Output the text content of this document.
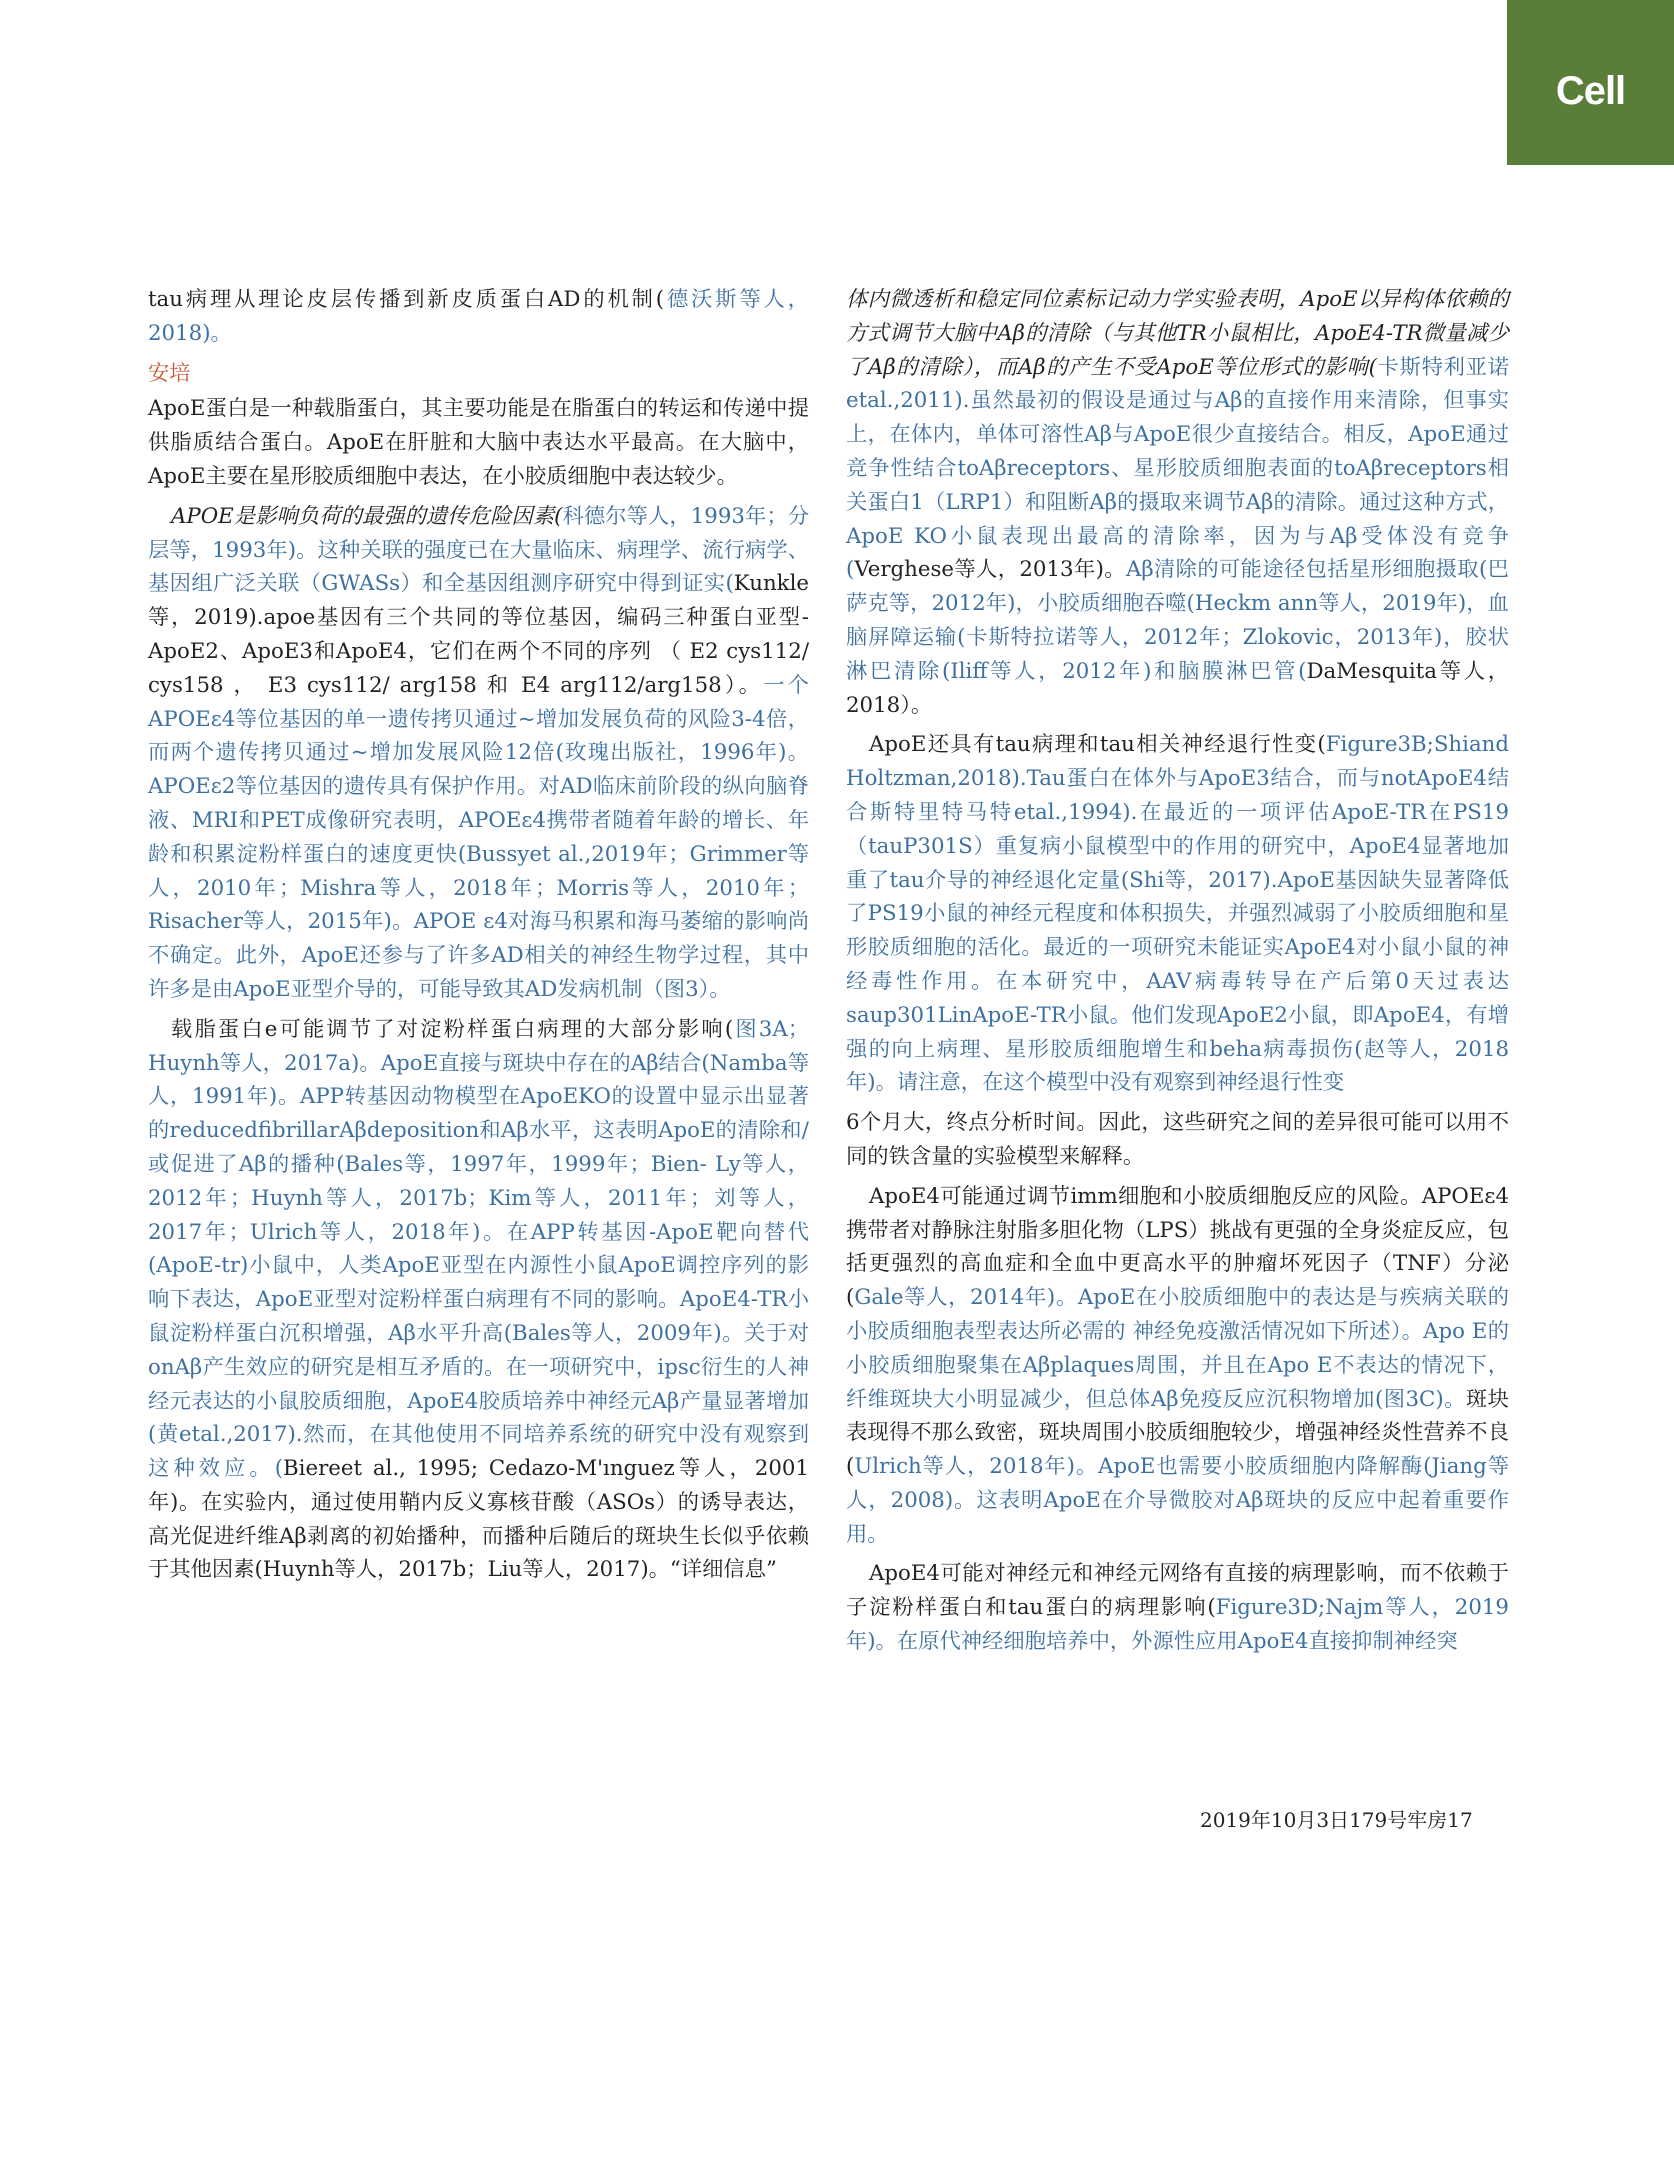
Cell

tau病理从理论皮层传播到新皮质蛋白AD的机制(德沃斯等人，2018)。

安培

ApoE蛋白是一种载脂蛋白，其主要功能是在脂蛋白的转运和传递中提供脂质结合蛋白。ApoE在肝脏和大脑中表达水平最高。在大脑中，ApoE主要在星形胶质细胞中表达，在小胶质细胞中表达较少。

APOE是影响负荷的最强的遗传危险因素(科德尔等人，1993年；分层等，1993年)。这种关联的强度已在大量临床、病理学、流行病学、基因组广泛关联（GWASs）和全基因组测序研究中得到证实(Kunkle等，2019).apoe基因有三个共同的等位基因，编码三种蛋白亚型-ApoE2、ApoE3和ApoE4，它们在两个不同的序列 （ E2 cys112/ cys158 ， E3 cys112/ arg158 和 E4 arg112/arg158）。一个APOEε4等位基因的单一遗传拷贝通过~增加发展负荷的风险3-4倍，而两个遗传拷贝通过~增加发展风险12倍(玫瑰出版社，1996年)。APOEε2等位基因的遗传具有保护作用。对AD临床前阶段的纵向脑脊液、MRI和PET成像研究表明，APOEε4携带者随着年龄的增长、年龄和积累淀粉样蛋白的速度更快(Bussyet al.,2019年；Grimmer等人，2010年；Mishra等人，2018年；Morris等人，2010年； Risacher等人，2015年)。APOE ε4对海马积累和海马萎缩的影响尚不确定。此外，ApoE还参与了许多AD相关的神经生物学过程，其中许多是由ApoE亚型介导的，可能导致其AD发病机制（图3）。

载脂蛋白e可能调节了对淀粉样蛋白病理的大部分影响(图3A；Huynh等人，2017a)。ApoE直接与斑块中存在的Aβ结合(Namba等人，1991年)。APP转基因动物模型在ApoEKO的设置中显示出显著的reducedfibrillarAβdeposition和Aβ水平，这表明ApoE的清除和/或促进了Aβ的播种(Bales等，1997年，1999年；Bien- Ly等人，2012年；Huynh等人，2017b；Kim等人，2011年；刘等人，2017年；Ulrich等人，2018年)。在APP转基因-ApoE靶向替代(ApoE-tr)小鼠中，人类ApoE亚型在内源性小鼠ApoE调控序列的影响下表达，ApoE亚型对淀粉样蛋白病理有不同的影响。ApoE4-TR小鼠淀粉样蛋白沉积增强，Aβ水平升高(Bales等人，2009年)。关于对onAβ产生效应的研究是相互矛盾的。在一项研究中，ipsc衍生的人神经元表达的小鼠胶质细胞，ApoE4胶质培养中神经元Aβ产量显著增加(黄etal.,2017).然而，在其他使用不同培养系统的研究中没有观察到这种效应。(Biereet al., 1995; Cedazo-M'ınguez等人，2001年)。在实验内，通过使用鞘内反义寡核苷酸（ASOs）的诱导表达，高光促进纤维Aβ剥离的初始播种，而播种后随后的斑块生长似乎依赖于其他因素(Huynh等人，2017b；Liu等人，2017)。“详细信息”

体内微透析和稳定同位素标记动力学实验表明，ApoE以异构体依赖的方式调节大脑中Aβ的清除（与其他TR小鼠相比，ApoE4-TR微量减少了Aβ的清除），而Aβ的产生不受ApoE等位形式的影响(卡斯特利亚诺etal.,2011).虽然最初的假设是通过与Aβ的直接作用来清除，但事实上，在体内，单体可溶性Aβ与ApoE很少直接结合。相反，ApoE通过竞争性结合toAβreceptors、星形胶质细胞表面的toAβreceptors相关蛋白1（LRP1）和阻断Aβ的摄取来调节Aβ的清除。通过这种方式，ApoE KO小鼠表现出最高的清除率，因为与Aβ受体没有竞争(Verghese等人，2013年)。Aβ清除的可能途径包括星形细胞摄取(巴萨克等，2012年)，小胶质细胞吞噬(Heckm ann等人，2019年)，血脑屏障运输(卡斯特拉诺等人，2012年；Zlokovic，2013年)，胶状淋巴清除(Iliff等人，2012年)和脑膜淋巴管(DaMesquita等人，2018）。

ApoE还具有tau病理和tau相关神经退行性变(Figure3B;Shiand Holtzman,2018).Tau蛋白在体外与ApoE3结合，而与notApoE4结合斯特里特马特etal.,1994).在最近的一项评估ApoE-TR在PS19（tauP301S）重复病小鼠模型中的作用的研究中，ApoE4显著地加重了tau介导的神经退化定量(Shi等，2017).ApoE基因缺失显著降低了PS19小鼠的神经元程度和体积损失，并强烈减弱了小胶质细胞和星形胶质细胞的活化。最近的一项研究未能证实ApoE4对小鼠小鼠的神经毒性作用。在本研究中，AAV病毒转导在产后第0天过表达saup301LinApoE-TR小鼠。他们发现ApoE2小鼠，即ApoE4，有增强的向上病理、星形胶质细胞增生和beha病毒损伤(赵等人，2018年)。请注意，在这个模型中没有观察到神经退行性变

6个月大，终点分析时间。因此，这些研究之间的差异很可能可以用不同的铁含量的实验模型来解释。

ApoE4可能通过调节imm细胞和小胶质细胞反应的风险。APOEε4携带者对静脉注射脂多胆化物（LPS）挑战有更强的全身炎症反应，包括更强烈的高血症和全血中更高水平的肿瘤坏死因子（TNF）分泌(Gale等人，2014年)。ApoE在小胶质细胞中的表达是与疾病关联的小胶质细胞表型表达所必需的 神经免疫激活情况如下所述）。Apo E的小胶质细胞聚集在Aβplaques周围，并且在Apo E不表达的情况下，纤维斑块大小明显减少，但总体Aβ免疫反应沉积物增加(图3C)。斑块表现得不那么致密，斑块周围小胶质细胞较少，增强神经炎性营养不良(Ulrich等人，2018年)。ApoE也需要小胶质细胞内降解酶(Jiang等人，2008)。这表明ApoE在介导微胶对Aβ斑块的反应中起着重要作用。

ApoE4可能对神经元和神经元网络有直接的病理影响，而不依赖于子淀粉样蛋白和tau蛋白的病理影响(Figure3D;Najm等人，2019年)。在原代神经细胞培养中，外源性应用ApoE4直接抑制神经突

2019年10月3日179号牢房17
